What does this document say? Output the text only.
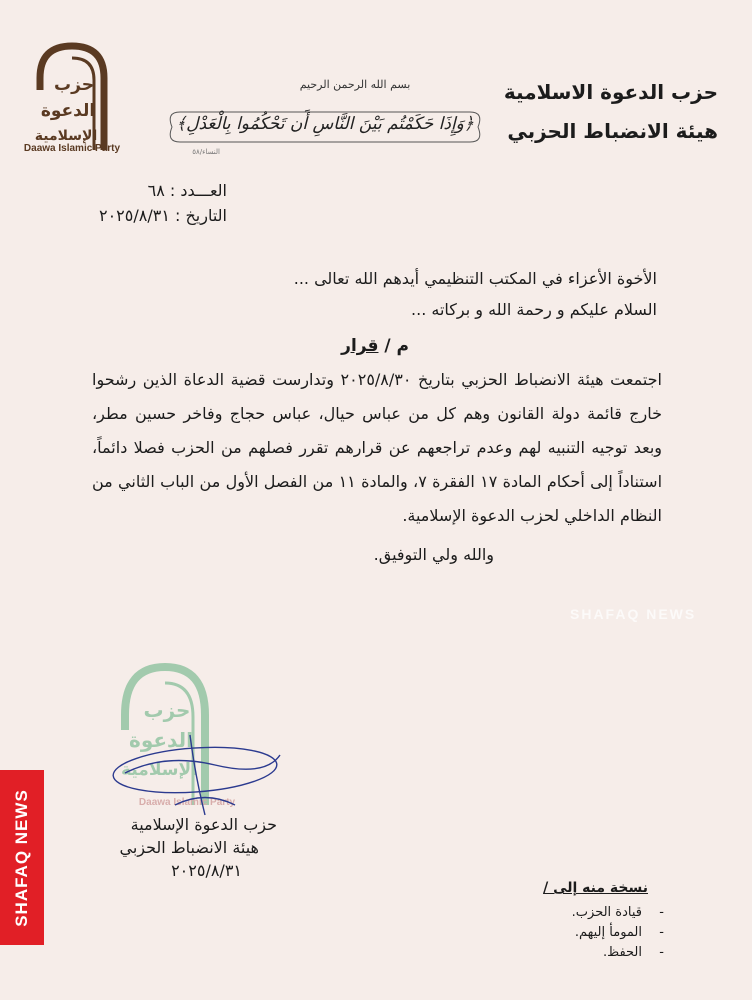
حزب
الدعوة
الإسلامية
Daawa Islamic Party
بسم الله الرحمن الرحيم
﴿وَإِذَا حَكَمْتُم بَيْنَ النَّاسِ أَن تَحْكُمُوا بِالْعَدْلِ﴾
النساء/٥٨
حزب الدعوة الاسلامية
هيئة الانضباط الحزبي
العـــدد : ٦٨
التاريخ : ٢٠٢٥/٨/٣١
الأخوة الأعزاء في المكتب التنظيمي أيدهم الله تعالى ...
السلام عليكم و رحمة الله و بركاته ...
م / قرار
اجتمعت هيئة الانضباط الحزبي بتاريخ ٢٠٢٥/٨/٣٠ وتدارست قضية الدعاة الذين رشحوا خارج قائمة دولة القانون وهم كل من عباس حيال، عباس حجاج وفاخر حسين مطر، وبعد توجيه التنبيه لهم وعدم تراجعهم عن قرارهم تقرر فصلهم من الحزب فصلا دائماً، استناداً إلى أحكام المادة ١٧ الفقرة ٧، والمادة ١١ من الفصل الأول من الباب الثاني من النظام الداخلي لحزب الدعوة الإسلامية.
والله ولي التوفيق.
SHAFAQ NEWS
حزب
الدعوة
الإسلامية
Daawa Islamic Party
حزب الدعوة الإسلامية
هيئة الانضباط الحزبي
٢٠٢٥/٨/٣١
نسخة منه إلى /
-
قيادة الحزب.
-
المومأ إليهم.
-
الحفظ.
SHAFAQ NEWS
